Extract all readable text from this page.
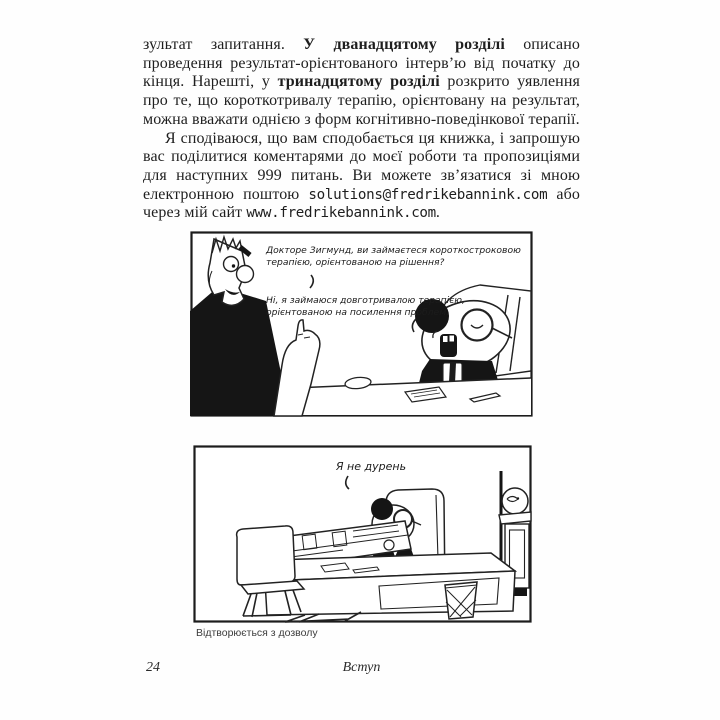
зультат запитання. У дванадцятому розділі описано проведення результат-орієнтованого інтерв’ю від початку до кінця. Нарешті, у тринадцятому розділі розкрито уявлення про те, що короткотривалу терапію, орієнтовану на результат, можна вважати однією з форм когнітивно-поведінкової терапії.

Я сподіваюся, що вам сподобається ця книжка, і запрошую вас поділитися коментарями до моєї роботи та пропозиціями для наступних 999 питань. Ви можете зв’язатися зі мною електронною поштою solutions@fredrikebannink.com або через мій сайт www.fredrikebannink.com.

Докторе Зигмунд, ви займаєтеся короткостроковою
терапією, орієнтованою на рішення?
Ні, я займаюся довготривалою терапією,
орієнтованою на посилення проблем.
Я не дурень
Відтворюється з дозволу
24	Вступ
